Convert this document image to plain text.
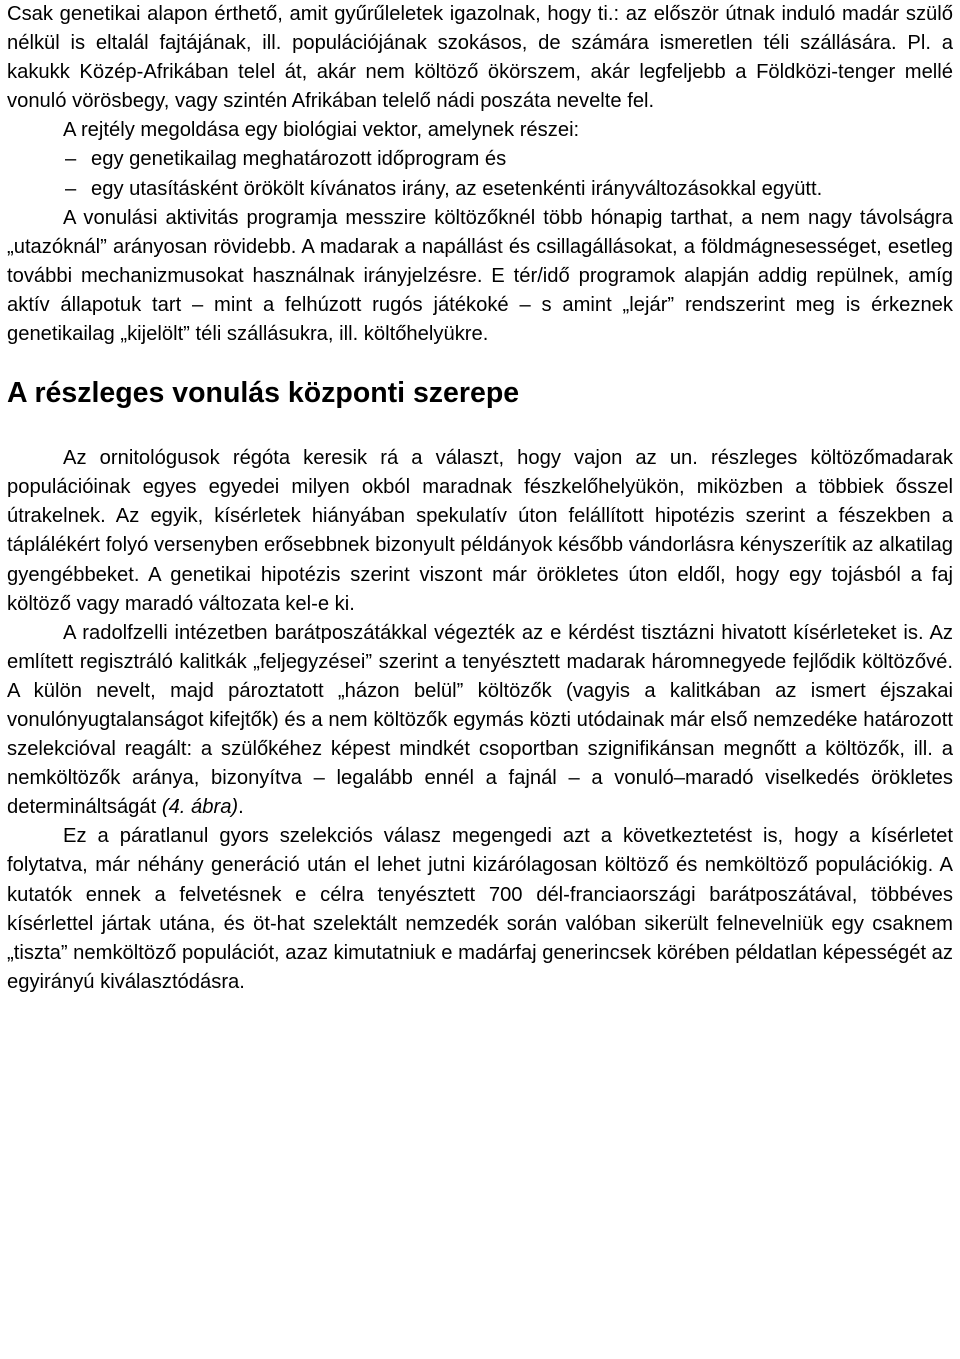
Csak genetikai alapon érthető, amit gyűrűleletek igazolnak, hogy ti.: az először útnak induló madár szülő nélkül is eltalál fajtájának, ill. populációjának szokásos, de számára ismeretlen téli szállására. Pl. a kakukk Közép-Afrikában telel át, akár nem költöző ökörszem, akár legfeljebb a Földközi-tenger mellé vonuló vörösbegy, vagy szintén Afrikában telelő nádi poszáta nevelte fel.

A rejtély megoldása egy biológiai vektor, amelynek részei:

– egy genetikailag meghatározott időprogram és
– egy utasításként örökölt kívánatos irány, az esetenkénti irányváltozásokkal együtt.

A vonulási aktivitás programja messzire költözőknél több hónapig tarthat, a nem nagy távolságra „utazóknál” arányosan rövidebb. A madarak a napállást és csillagállásokat, a földmágnesességet, esetleg további mechanizmusokat használnak irányjelzésre. E tér/idő programok alapján addig repülnek, amíg aktív állapotuk tart – mint a felhúzott rugós játékoké – s amint „lejár” rendszerint meg is érkeznek genetikailag „kijelölt” téli szállásukra, ill. költőhelyükre.

A részleges vonulás központi szerepe

Az ornitológusok régóta keresik rá a választ, hogy vajon az un. részleges költözőmadarak populációinak egyes egyedei milyen okból maradnak fészkelőhelyükön, miközben a többiek ősszel útrakelnek. Az egyik, kísérletek hiányában spekulatív úton felállított hipotézis szerint a fészekben a táplálékért folyó versenyben erősebbnek bizonyult példányok később vándorlásra kényszerítik az alkatilag gyengébbeket. A genetikai hipotézis szerint viszont már örökletes úton eldől, hogy egy tojásból a faj költöző vagy maradó változata kel-e ki.

A radolfzelli intézetben barátposzátákkal végezték az e kérdést tisztázni hivatott kísérleteket is. Az említett regisztráló kalitkák „feljegyzései” szerint a tenyésztett madarak háromnegyede fejlődik költözővé. A külön nevelt, majd pároztatott „házon belül” költözők (vagyis a kalitkában az ismert éjszakai vonulónyugtalanságot kifejtők) és a nem költözők egymás közti utódainak már első nemzedéke határozott szelekcióval reagált: a szülőkéhez képest mindkét csoportban szignifikánsan megnőtt a költözők, ill. a nemköltözők aránya, bizonyítva – legalább ennél a fajnál – a vonuló–maradó viselkedés örökletes determináltságát (4. ábra).

Ez a páratlanul gyors szelekciós válasz megengedi azt a következtetést is, hogy a kísérletet folytatva, már néhány generáció után el lehet jutni kizárólagosan költöző és nemköltöző populációkig. A kutatók ennek a felvetésnek e célra tenyésztett 700 dél-franciaországi barátposzátával, többéves kísérlettel jártak utána, és öt-hat szelektált nemzedék során valóban sikerült felnevelniük egy csaknem „tiszta” nemköltöző populációt, azaz kimutatniuk e madárfaj generincsek körében példatlan képességét az egyirányú kiválasztódásra.
